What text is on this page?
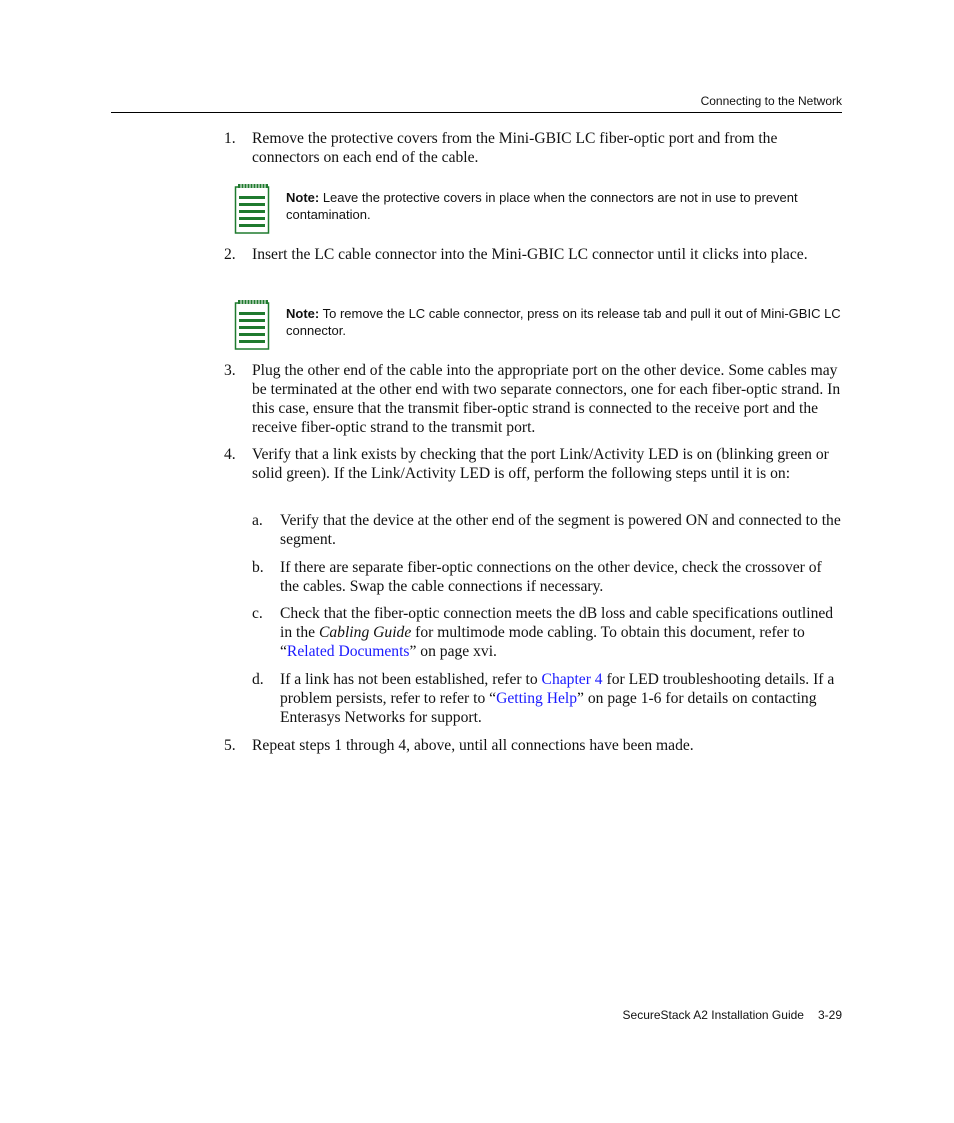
Connecting to the Network
1. Remove the protective covers from the Mini-GBIC LC fiber-optic port and from the connectors on each end of the cable.
Note: Leave the protective covers in place when the connectors are not in use to prevent contamination.
2. Insert the LC cable connector into the Mini-GBIC LC connector until it clicks into place.
Note: To remove the LC cable connector, press on its release tab and pull it out of Mini-GBIC LC connector.
3. Plug the other end of the cable into the appropriate port on the other device. Some cables may be terminated at the other end with two separate connectors, one for each fiber-optic strand. In this case, ensure that the transmit fiber-optic strand is connected to the receive port and the receive fiber-optic strand to the transmit port.
4. Verify that a link exists by checking that the port Link/Activity LED is on (blinking green or solid green). If the Link/Activity LED is off, perform the following steps until it is on:
a. Verify that the device at the other end of the segment is powered ON and connected to the segment.
b. If there are separate fiber-optic connections on the other device, check the crossover of the cables. Swap the cable connections if necessary.
c. Check that the fiber-optic connection meets the dB loss and cable specifications outlined in the Cabling Guide for multimode mode cabling. To obtain this document, refer to “Related Documents” on page xvi.
d. If a link has not been established, refer to Chapter 4 for LED troubleshooting details. If a problem persists, refer to refer to “Getting Help” on page 1-6 for details on contacting Enterasys Networks for support.
5. Repeat steps 1 through 4, above, until all connections have been made.
SecureStack A2 Installation Guide 3-29
